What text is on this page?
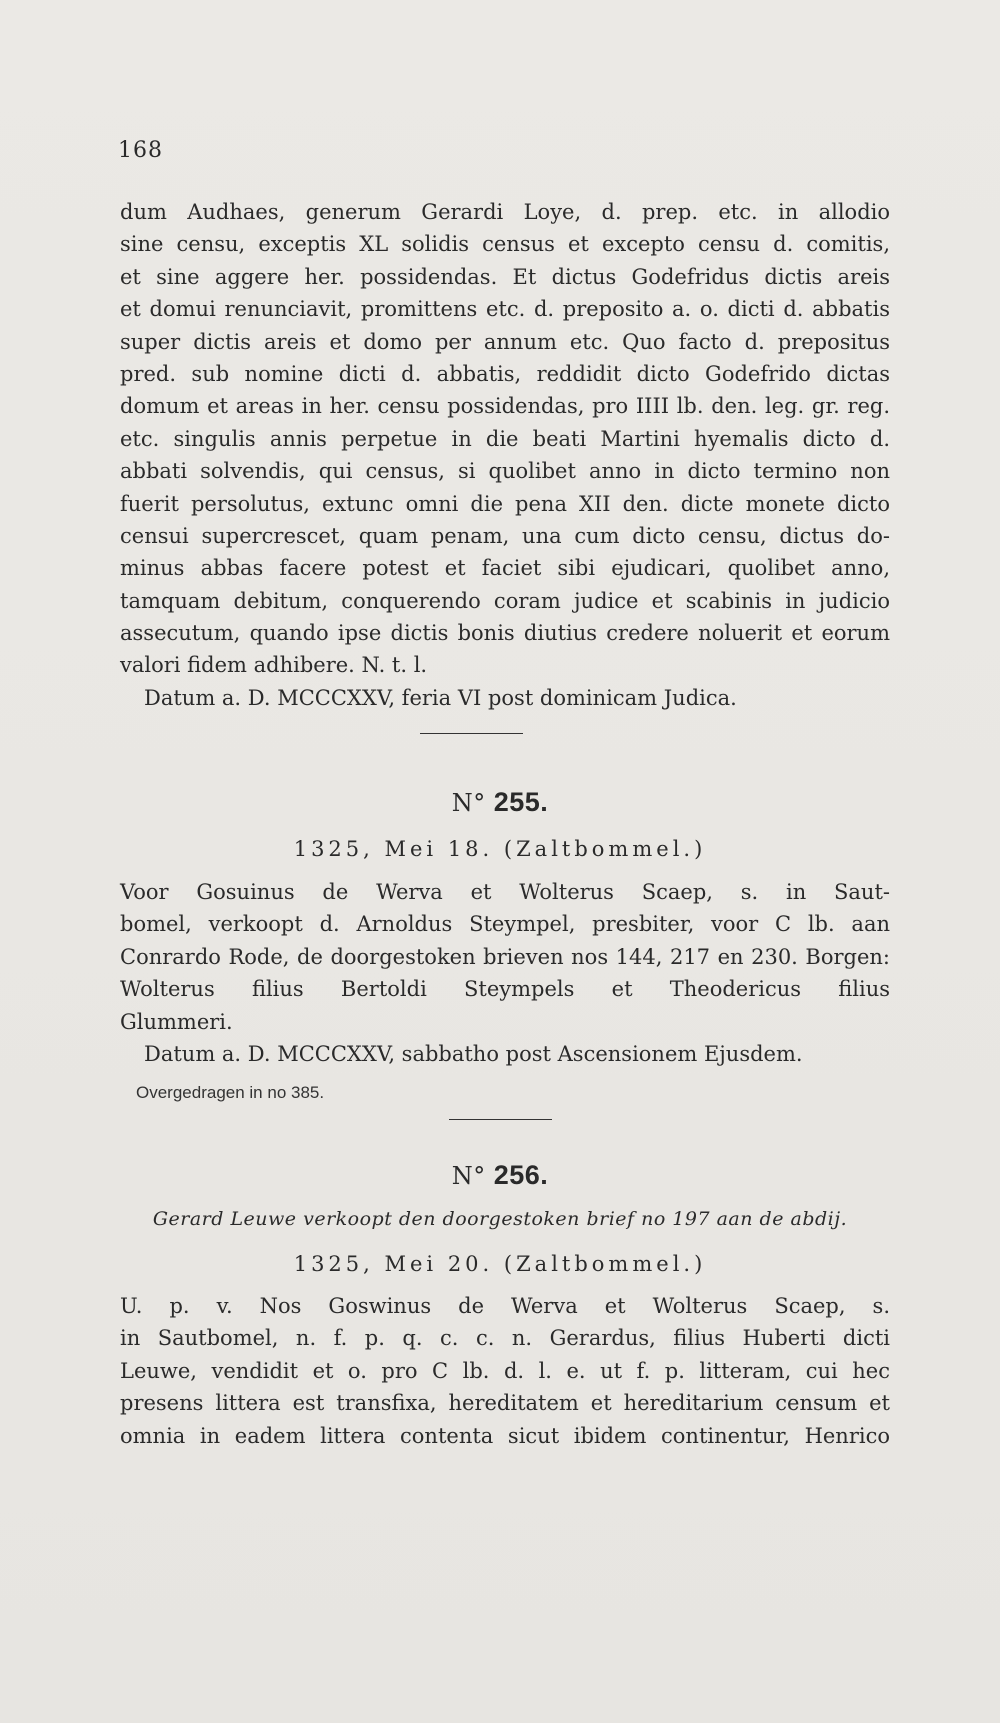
168
dum Audhaes, generum Gerardi Loye, d. prep. etc. in allodio
sine censu, exceptis XL solidis census et excepto censu d. comitis,
et sine aggere her. possidendas. Et dictus Godefridus dictis areis
et domui renunciavit, promittens etc. d. preposito a. o. dicti d. abbatis
super dictis areis et domo per annum etc. Quo facto d. prepositus
pred. sub nomine dicti d. abbatis, reddidit dicto Godefrido dictas
domum et areas in her. censu possidendas, pro IIII lb. den. leg. gr. reg.
etc. singulis annis perpetue in die beati Martini hyemalis dicto d.
abbati solvendis, qui census, si quolibet anno in dicto termino non
fuerit persolutus, extunc omni die pena XII den. dicte monete dicto
censui supercrescet, quam penam, una cum dicto censu, dictus do-
minus abbas facere potest et faciet sibi ejudicari, quolibet anno,
tamquam debitum, conquerendo coram judice et scabinis in judicio
assecutum, quando ipse dictis bonis diutius credere noluerit et eorum
valori fidem adhibere. N. t. l.
Datum a. D. MCCCXXV, feria VI post dominicam Judica.
N° 255.
1325, Mei 18. (Zaltbommel.)
Voor Gosuinus de Werva et Wolterus Scaep, s. in Saut-
bomel, verkoopt d. Arnoldus Steympel, presbiter, voor C lb. aan
Conrardo Rode, de doorgestoken brieven nos 144, 217 en 230. Borgen:
Wolterus filius Bertoldi Steympels et Theodericus filius
Glummeri.
Datum a. D. MCCCXXV, sabbatho post Ascensionem Ejusdem.
Overgedragen in no 385.
N° 256.
Gerard Leuwe verkoopt den doorgestoken brief no 197 aan de abdij.
1325, Mei 20. (Zaltbommel.)
U. p. v. Nos Goswinus de Werva et Wolterus Scaep, s.
in Sautbomel, n. f. p. q. c. c. n. Gerardus, filius Huberti dicti
Leuwe, vendidit et o. pro C lb. d. l. e. ut f. p. litteram, cui hec
presens littera est transfixa, hereditatem et hereditarium censum et
omnia in eadem littera contenta sicut ibidem continentur, Henrico
